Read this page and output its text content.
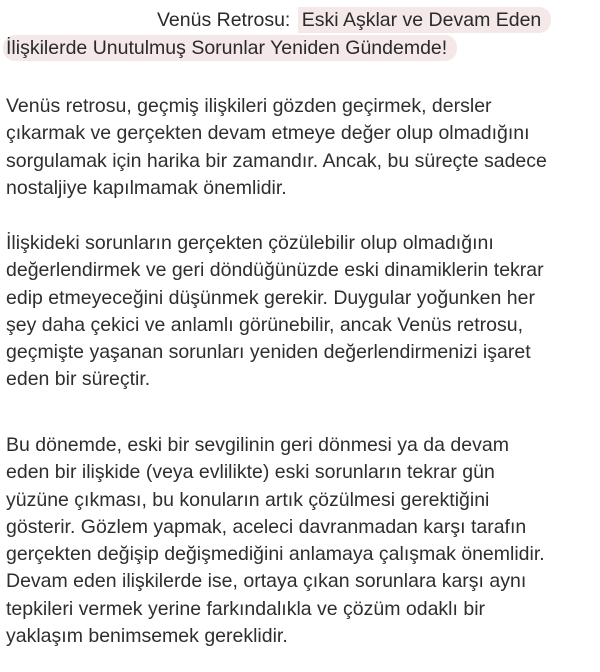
Venüs Retrosu: Eski Aşklar ve Devam Eden
İlişkilerde Unutulmuş Sorunlar Yeniden Gündemde!
Venüs retrosu, geçmiş ilişkileri gözden geçirmek, dersler
çıkarmak ve gerçekten devam etmeye değer olup olmadığını
sorgulamak için harika bir zamandır. Ancak, bu süreçte sadece
nostaljiye kapılmamak önemlidir.
İlişkideki sorunların gerçekten çözülebilir olup olmadığını
değerlendirmek ve geri döndüğünüzde eski dinamiklerin tekrar
edip etmeyeceğini düşünmek gerekir. Duygular yoğunken her
şey daha çekici ve anlamlı görünebilir, ancak Venüs retrosu,
geçmişte yaşanan sorunları yeniden değerlendirmenizi işaret
eden bir süreçtir.
Bu dönemde, eski bir sevgilinin geri dönmesi ya da devam
eden bir ilişkide (veya evlilikte) eski sorunların tekrar gün
yüzüne çıkması, bu konuların artık çözülmesi gerektiğini
gösterir. Gözlem yapmak, aceleci davranmadan karşı tarafın
gerçekten değişip değişmediğini anlamaya çalışmak önemlidir.
Devam eden ilişkilerde ise, ortaya çıkan sorunlara karşı aynı
tepkileri vermek yerine farkındalıkla ve çözüm odaklı bir
yaklaşım benimsemek gereklidir.
